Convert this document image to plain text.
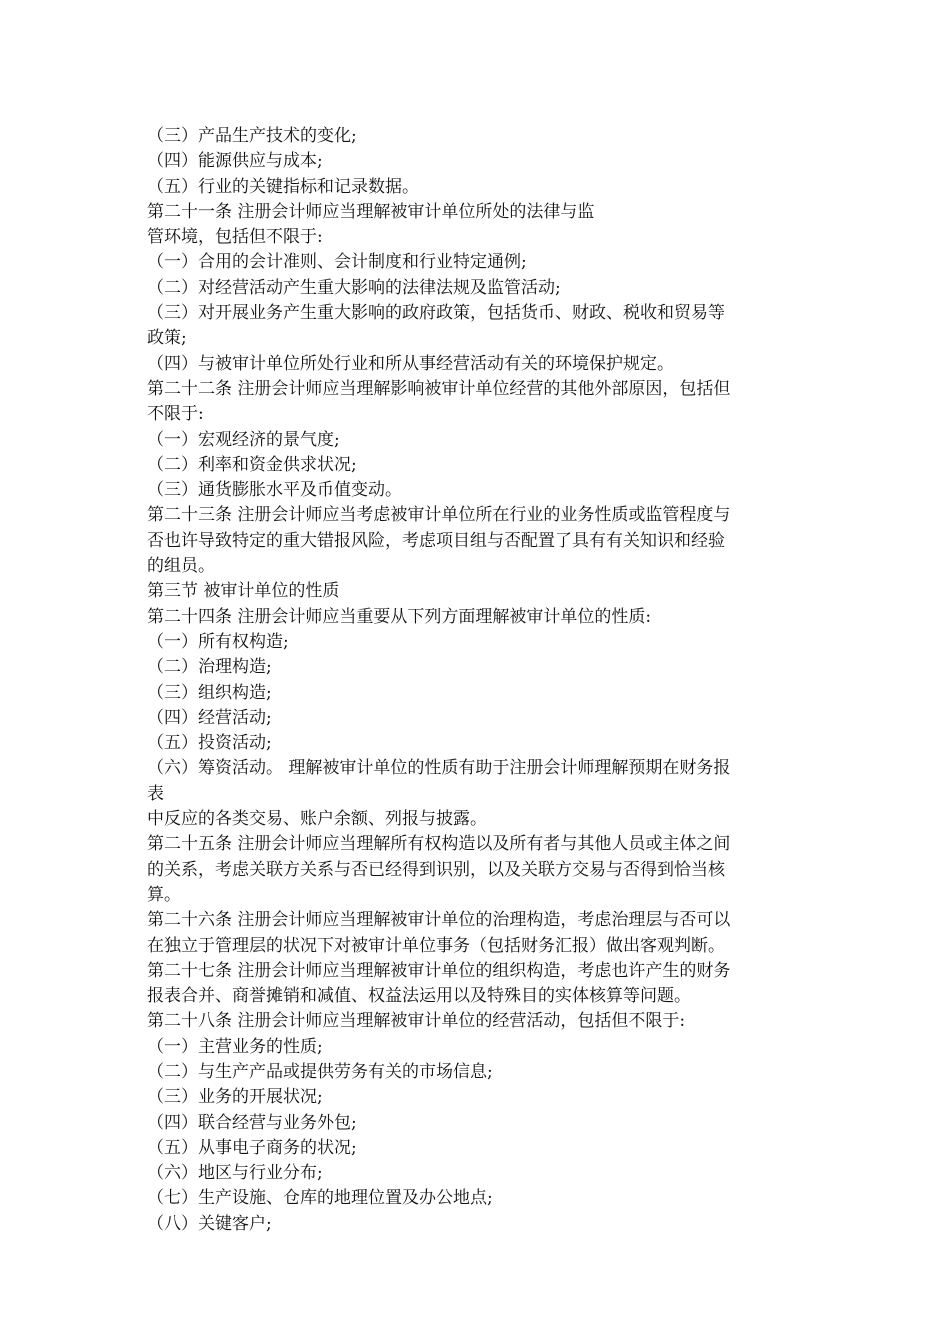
（三）产品生产技术的变化;
（四）能源供应与成本;
（五）行业的关键指标和记录数据。
第二十一条 注册会计师应当理解被审计单位所处的法律与监
管环境，包括但不限于:
（一）合用的会计准则、会计制度和行业特定通例;
（二）对经营活动产生重大影响的法律法规及监管活动;
（三）对开展业务产生重大影响的政府政策，包括货币、财政、税收和贸易等
政策;
（四）与被审计单位所处行业和所从事经营活动有关的环境保护规定。
第二十二条 注册会计师应当理解影响被审计单位经营的其他外部原因，包括但
不限于:
（一）宏观经济的景气度;
（二）利率和资金供求状况;
（三）通货膨胀水平及币值变动。
第二十三条 注册会计师应当考虑被审计单位所在行业的业务性质或监管程度与
否也许导致特定的重大错报风险，考虑项目组与否配置了具有有关知识和经验
的组员。
第三节 被审计单位的性质
第二十四条 注册会计师应当重要从下列方面理解被审计单位的性质:
（一）所有权构造;
（二）治理构造;
（三）组织构造;
（四）经营活动;
（五）投资活动;
（六）筹资活动。 理解被审计单位的性质有助于注册会计师理解预期在财务报
表
中反应的各类交易、账户余额、列报与披露。
第二十五条 注册会计师应当理解所有权构造以及所有者与其他人员或主体之间
的关系，考虑关联方关系与否已经得到识别，以及关联方交易与否得到恰当核
算。
第二十六条 注册会计师应当理解被审计单位的治理构造，考虑治理层与否可以
在独立于管理层的状况下对被审计单位事务（包括财务汇报）做出客观判断。
第二十七条 注册会计师应当理解被审计单位的组织构造，考虑也许产生的财务
报表合并、商誉摊销和减值、权益法运用以及特殊目的实体核算等问题。
第二十八条 注册会计师应当理解被审计单位的经营活动，包括但不限于:
（一）主营业务的性质;
（二）与生产产品或提供劳务有关的市场信息;
（三）业务的开展状况;
（四）联合经营与业务外包;
（五）从事电子商务的状况;
（六）地区与行业分布;
（七）生产设施、仓库的地理位置及办公地点;
（八）关键客户;
